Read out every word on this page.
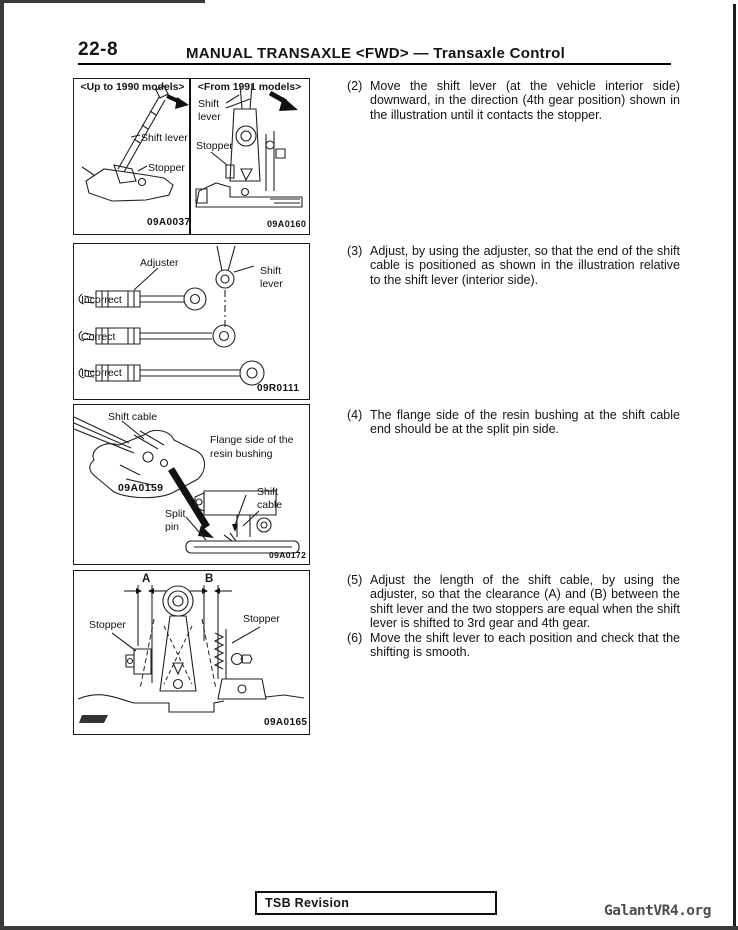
22-8	MANUAL TRANSAXLE <FWD> — Transaxle Control
<Up to 1990 models>	<From 1991 models>
Shift lever
Stopper
09A0037
Shift lever
Stopper
09A0160
Adjuster
Shift lever
Incorrect
Correct
Incorrect
09R0111
Shift cable
Flange side of the resin bushing
09A0159	Shift cable
Split pin
09A0172
A	B
Stopper	Stopper
09A0165
(2) Move the shift lever (at the vehicle interior side) downward, in the direction (4th gear position) shown in the illustration until it contacts the stopper.
(3) Adjust, by using the adjuster, so that the end of the shift cable is positioned as shown in the illustration relative to the shift lever (interior side).
(4) The flange side of the resin bushing at the shift cable end should be at the split pin side.
(5) Adjust the length of the shift cable, by using the adjuster, so that the clearance (A) and (B) between the shift lever and the two stoppers are equal when the shift lever is shifted to 3rd gear and 4th gear.
(6) Move the shift lever to each position and check that the shifting is smooth.
TSB Revision	GalantVR4.org
